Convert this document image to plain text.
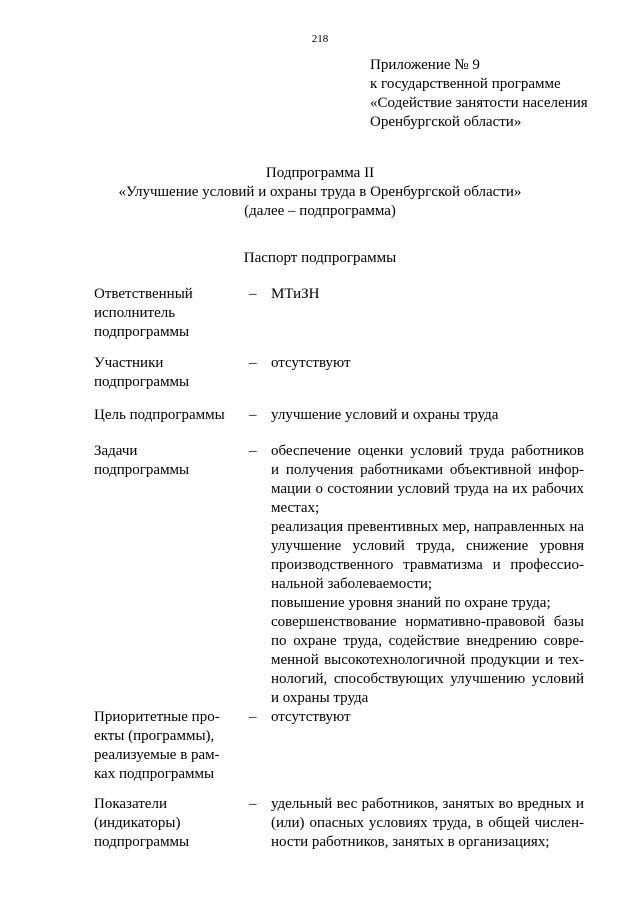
218
Приложение № 9
к государственной программе
«Содействие занятости населения
Оренбургской области»
Подпрограмма II
«Улучшение условий и охраны труда в Оренбургской области»
(далее – подпрограмма)
Паспорт подпрограммы
Ответственный
исполнитель
подпрограммы
– МТиЗН
Участники
подпрограммы
– отсутствуют
Цель подпрограммы	– улучшение условий и охраны труда
Задачи
подпрограммы
– обеспечение оценки условий труда работников
и получения работниками объективной инфор-
мации о состоянии условий труда на их рабочих
местах;
реализация превентивных мер, направленных на
улучшение условий труда, снижение уровня
производственного травматизма и профессио-
нальной заболеваемости;
повышение уровня знаний по охране труда;
совершенствование нормативно-правовой базы
по охране труда, содействие внедрению совре-
менной высокотехнологичной продукции и тех-
нологий, способствующих улучшению условий
и охраны труда
Приоритетные про-
екты (программы),
реализуемые в рам-
ках подпрограммы
– отсутствуют
Показатели
(индикаторы)
подпрограммы
– удельный вес работников, занятых во вредных и
(или) опасных условиях труда, в общей числен-
ности работников, занятых в организациях;
